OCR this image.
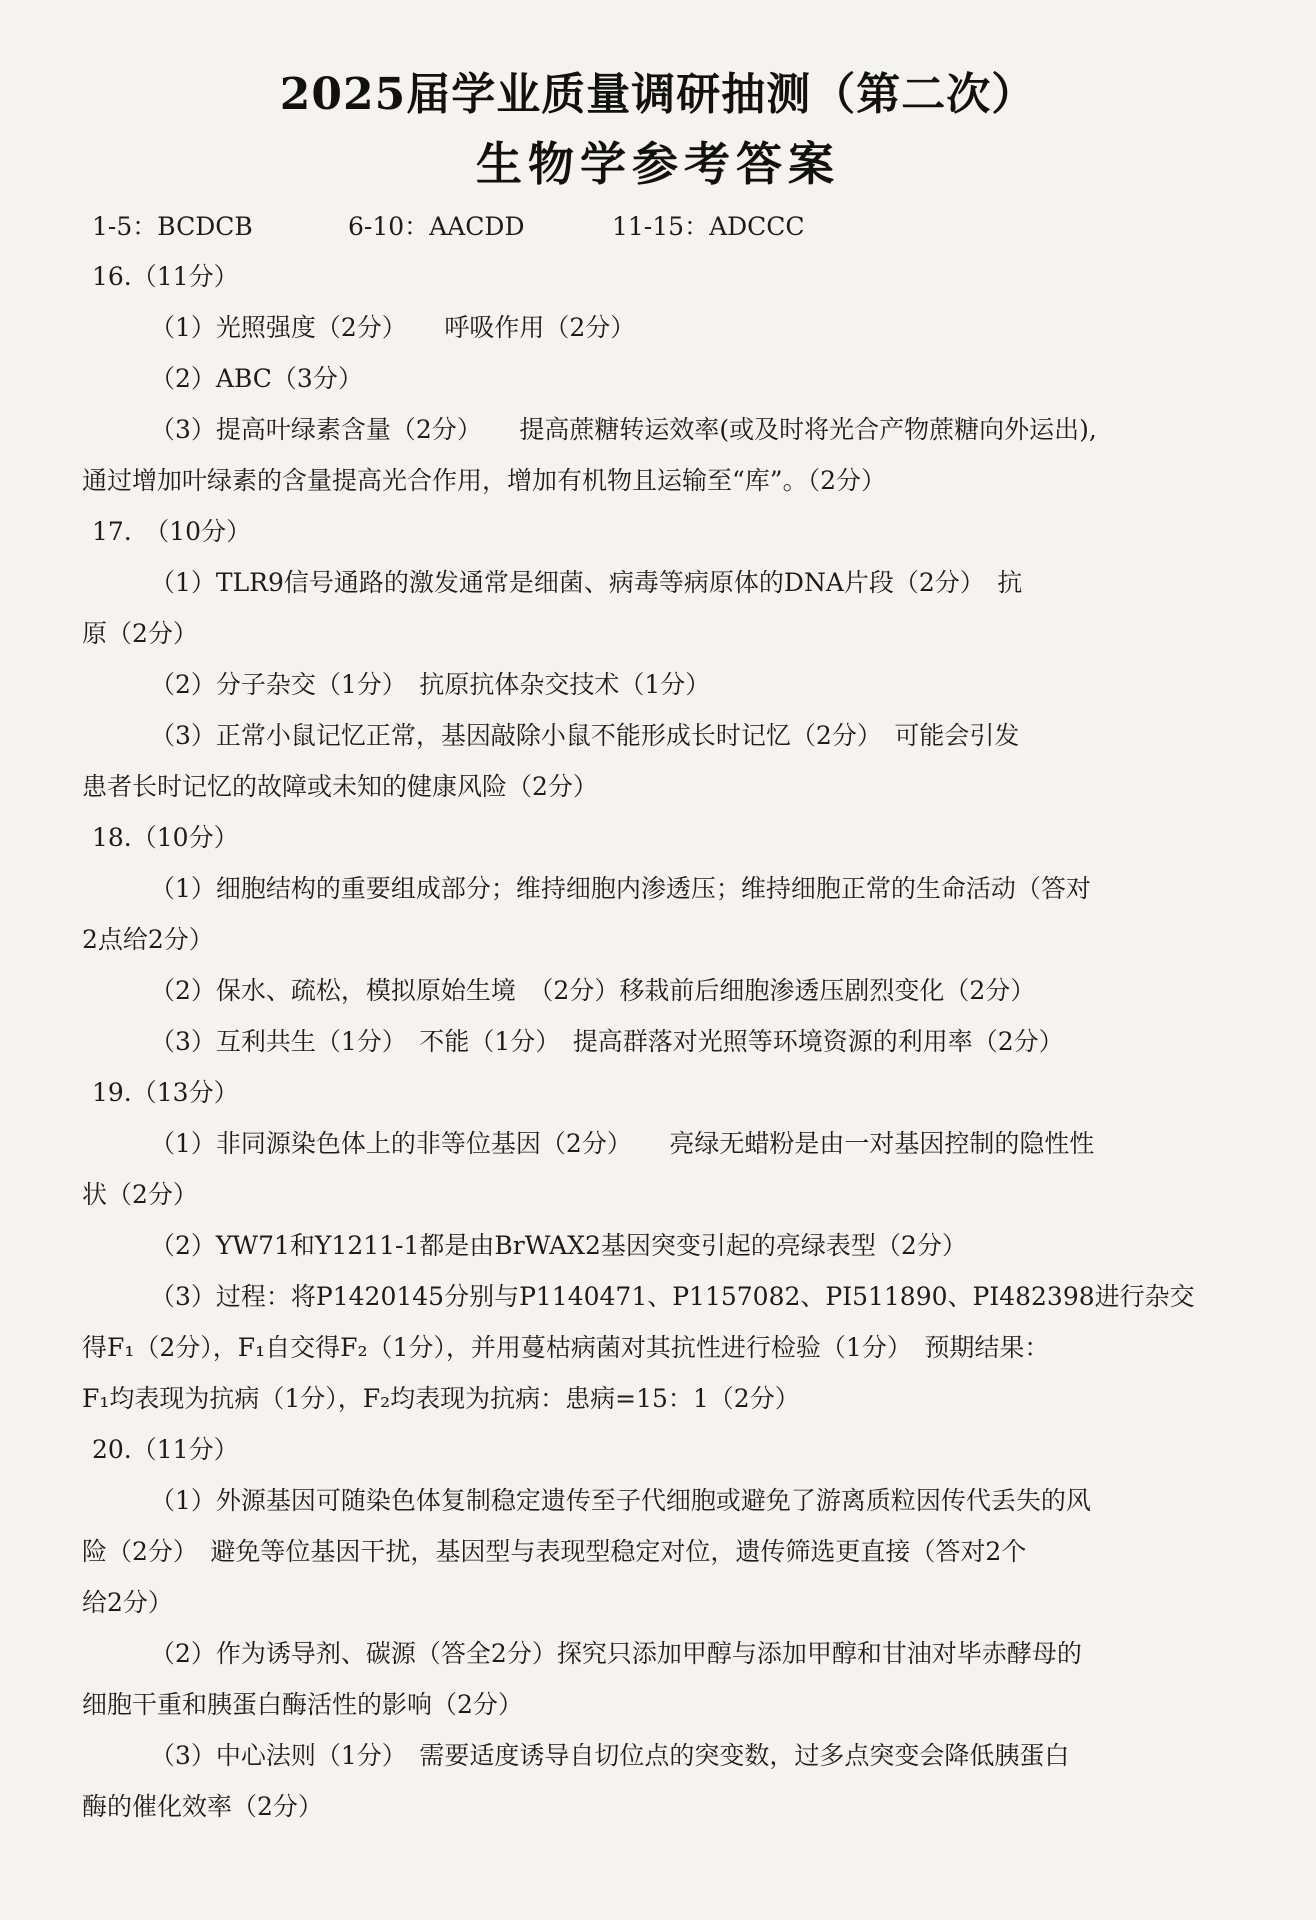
2025届学业质量调研抽测（第二次）
生物学参考答案
1-5：BCDCB	6-10：AACDD	11-15：ADCCC
16.（11分）
（1）光照强度（2分）　　呼吸作用（2分）
（2）ABC（3分）
（3）提高叶绿素含量（2分）　　提高蔗糖转运效率(或及时将光合产物蔗糖向外运出),
通过增加叶绿素的含量提高光合作用，增加有机物且运输至“库”。（2分）
17.　（10分）
（1）TLR9信号通路的激发通常是细菌、病毒等病原体的DNA片段（2分）　抗
原（2分）
（2）分子杂交（1分）　抗原抗体杂交技术（1分）
（3）正常小鼠记忆正常，基因敲除小鼠不能形成长时记忆（2分）　可能会引发
患者长时记忆的故障或未知的健康风险（2分）
18.（10分）
（1）细胞结构的重要组成部分；维持细胞内渗透压；维持细胞正常的生命活动（答对
2点给2分）
（2）保水、疏松，模拟原始生境　（2分）移栽前后细胞渗透压剧烈变化（2分）
（3）互利共生（1分）　不能（1分）　提高群落对光照等环境资源的利用率（2分）
19.（13分）
（1）非同源染色体上的非等位基因（2分）　　亮绿无蜡粉是由一对基因控制的隐性性
状（2分）
（2）YW71和Y1211-1都是由BrWAX2基因突变引起的亮绿表型（2分）
（3）过程：将P1420145分别与P1140471、P1157082、PI511890、PI482398进行杂交
得F₁（2分），F₁自交得F₂（1分），并用蔓枯病菌对其抗性进行检验（1分）　预期结果：
F₁均表现为抗病（1分），F₂均表现为抗病：患病=15：1（2分）
20.（11分）
（1）外源基因可随染色体复制稳定遗传至子代细胞或避免了游离质粒因传代丢失的风
险（2分）　避免等位基因干扰，基因型与表现型稳定对位，遗传筛选更直接（答对2个
给2分）
（2）作为诱导剂、碳源（答全2分）探究只添加甲醇与添加甲醇和甘油对毕赤酵母的
细胞干重和胰蛋白酶活性的影响（2分）
（3）中心法则（1分）　需要适度诱导自切位点的突变数，过多点突变会降低胰蛋白
酶的催化效率（2分）
